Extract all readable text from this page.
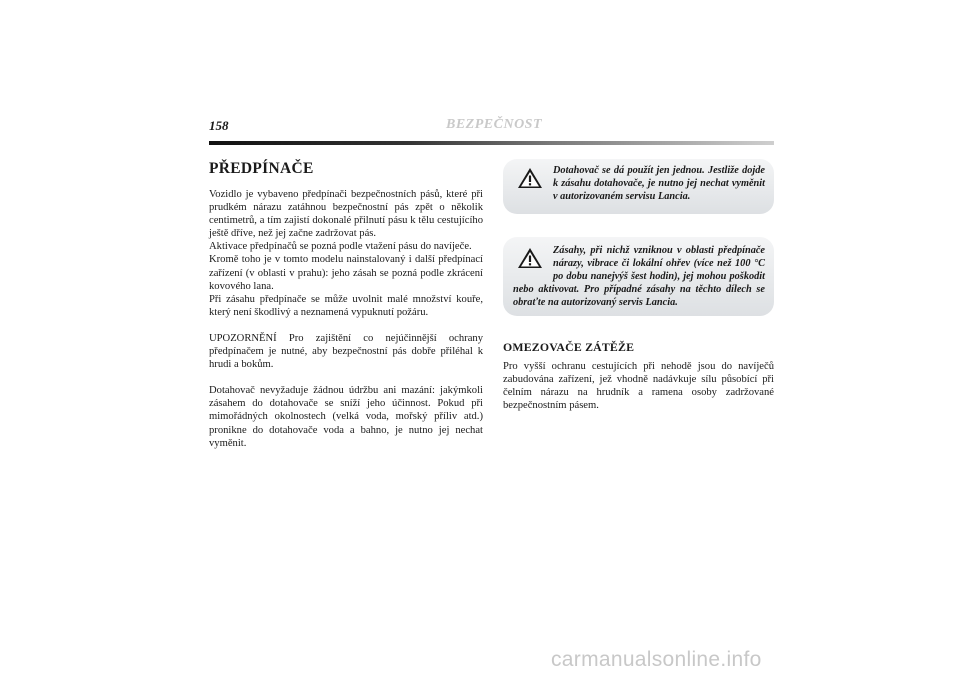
158	BEZPEČNOST
PŘEDPÍNAČE

Vozidlo je vybaveno předpínači bezpečnostních pásů, které při prudkém nárazu zatáhnou bezpečnostní pás zpět o několik centimetrů, a tím zajistí dokonalé přilnutí pásu k tělu cestujícího ještě dříve, než jej začne zadržovat pás.

Aktivace předpínačů se pozná podle vtažení pásu do navíječe.

Kromě toho je v tomto modelu nainstalovaný i další předpínací zařízení (v oblasti v prahu): jeho zásah se pozná podle zkrácení kovového lana.

Při zásahu předpínače se může uvolnit malé množství kouře, který není škodlivý a neznamená vypuknutí požáru.

UPOZORNĚNÍ Pro zajištění co nejúčinnější ochrany předpínačem je nutné, aby bezpečnostní pás dobře přiléhal k hrudi a bokům.

Dotahovač nevyžaduje žádnou údržbu ani mazání: jakýmkoli zásahem do dotahovače se sníží jeho účinnost. Pokud při mimořádných okolnostech (velká voda, mořský příliv atd.) pronikne do dotahovače voda a bahno, je nutno jej nechat vyměnit.

Dotahovač se dá použít jen jednou. Jestliže dojde k zásahu dotahovače, je nutno jej nechat vyměnit v autorizovaném servisu Lancia.
Zásahy, při nichž vzniknou v oblasti předpínače nárazy, vibrace či lokální ohřev (více než 100 °C po dobu nanejvýš šest hodin), jej mohou poškodit nebo aktivovat. Pro případné zásahy na těchto dílech se obraťte na autorizovaný servis Lancia.
OMEZOVAČE ZÁTĚŽE

Pro vyšší ochranu cestujících při nehodě jsou do navíječů zabudována zařízení, jež vhodně nadávkuje sílu působící při čelním nárazu na hrudník a ramena osoby zadržované bezpečnostním pásem.

carmanualsonline.info
